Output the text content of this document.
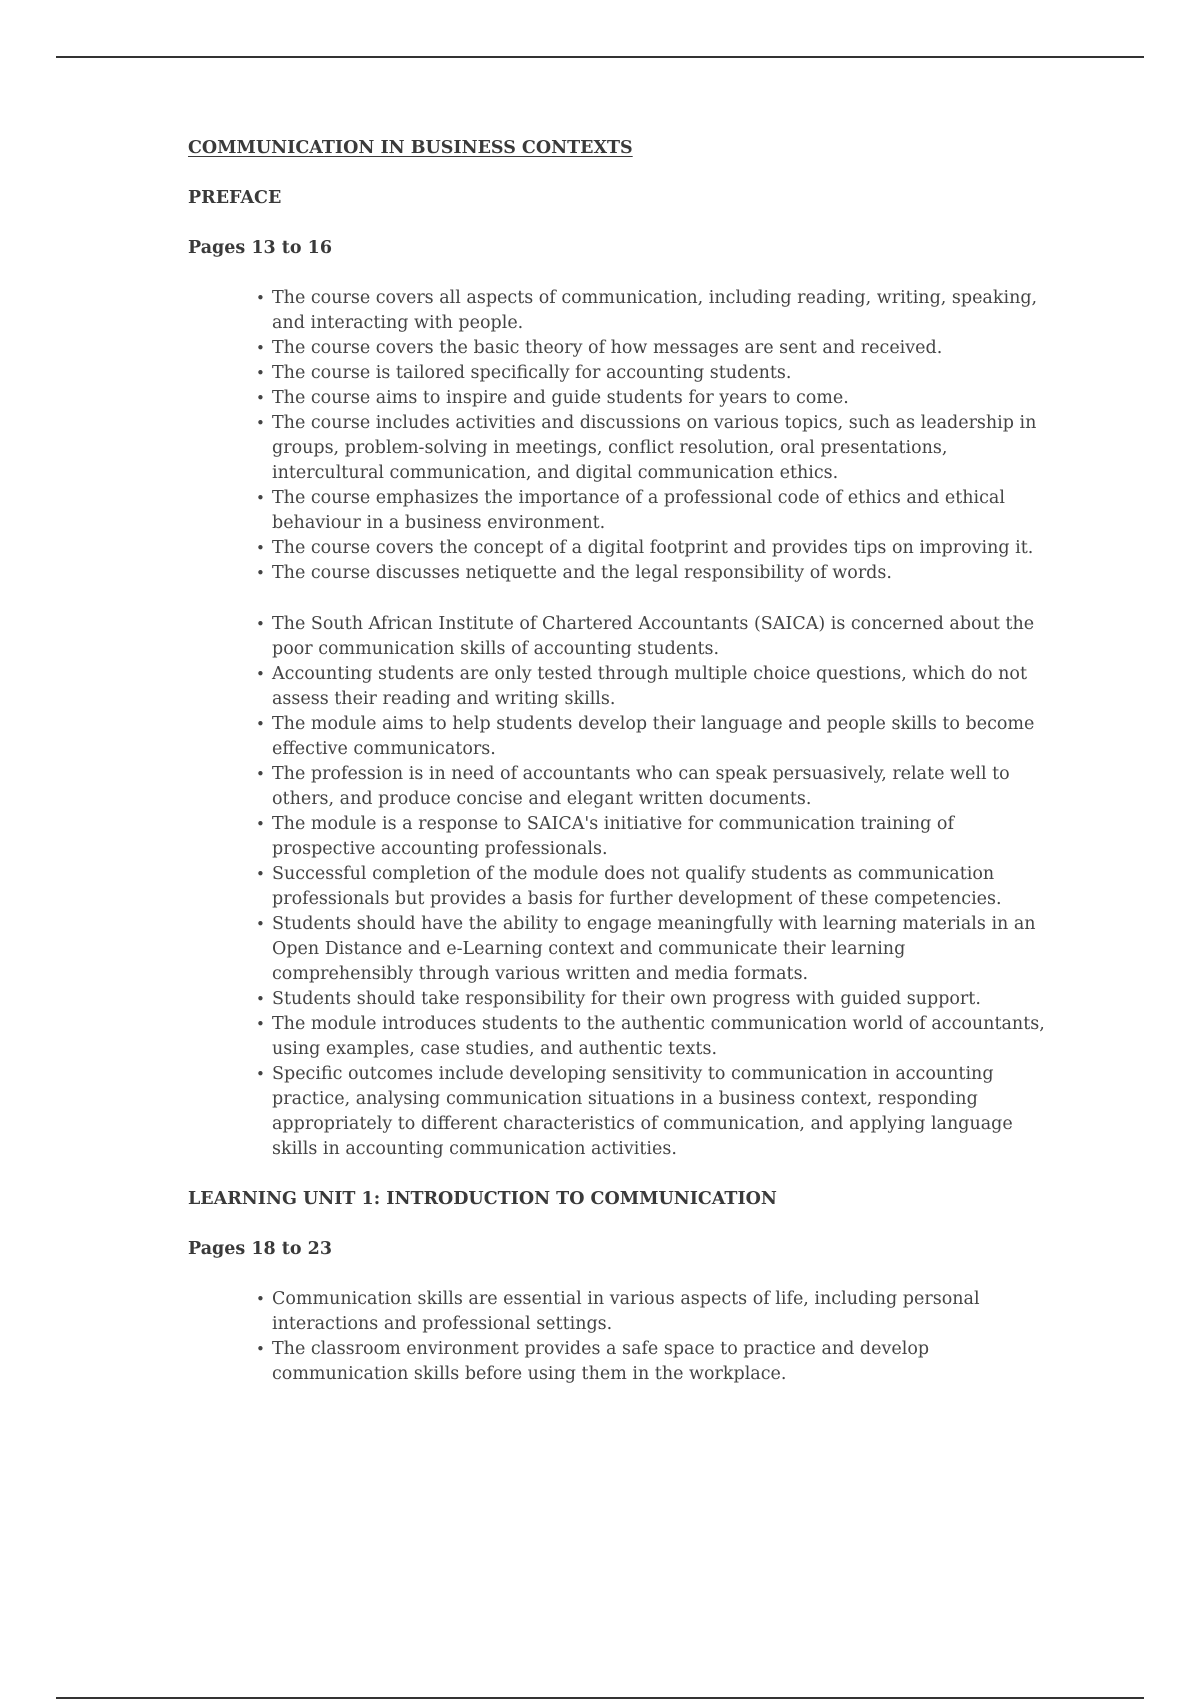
COMMUNICATION IN BUSINESS CONTEXTS
PREFACE
Pages 13 to 16
• The course covers all aspects of communication, including reading, writing, speaking, and interacting with people.
• The course covers the basic theory of how messages are sent and received.
• The course is tailored specifically for accounting students.
• The course aims to inspire and guide students for years to come.
• The course includes activities and discussions on various topics, such as leadership in groups, problem-solving in meetings, conflict resolution, oral presentations, intercultural communication, and digital communication ethics.
• The course emphasizes the importance of a professional code of ethics and ethical behaviour in a business environment.
• The course covers the concept of a digital footprint and provides tips on improving it.
• The course discusses netiquette and the legal responsibility of words.
• The South African Institute of Chartered Accountants (SAICA) is concerned about the poor communication skills of accounting students.
• Accounting students are only tested through multiple choice questions, which do not assess their reading and writing skills.
• The module aims to help students develop their language and people skills to become effective communicators.
• The profession is in need of accountants who can speak persuasively, relate well to others, and produce concise and elegant written documents.
• The module is a response to SAICA's initiative for communication training of prospective accounting professionals.
• Successful completion of the module does not qualify students as communication professionals but provides a basis for further development of these competencies.
• Students should have the ability to engage meaningfully with learning materials in an Open Distance and e-Learning context and communicate their learning comprehensibly through various written and media formats.
• Students should take responsibility for their own progress with guided support.
• The module introduces students to the authentic communication world of accountants, using examples, case studies, and authentic texts.
• Specific outcomes include developing sensitivity to communication in accounting practice, analysing communication situations in a business context, responding appropriately to different characteristics of communication, and applying language skills in accounting communication activities.
LEARNING UNIT 1: INTRODUCTION TO COMMUNICATION
Pages 18 to 23
• Communication skills are essential in various aspects of life, including personal interactions and professional settings.
• The classroom environment provides a safe space to practice and develop communication skills before using them in the workplace.
